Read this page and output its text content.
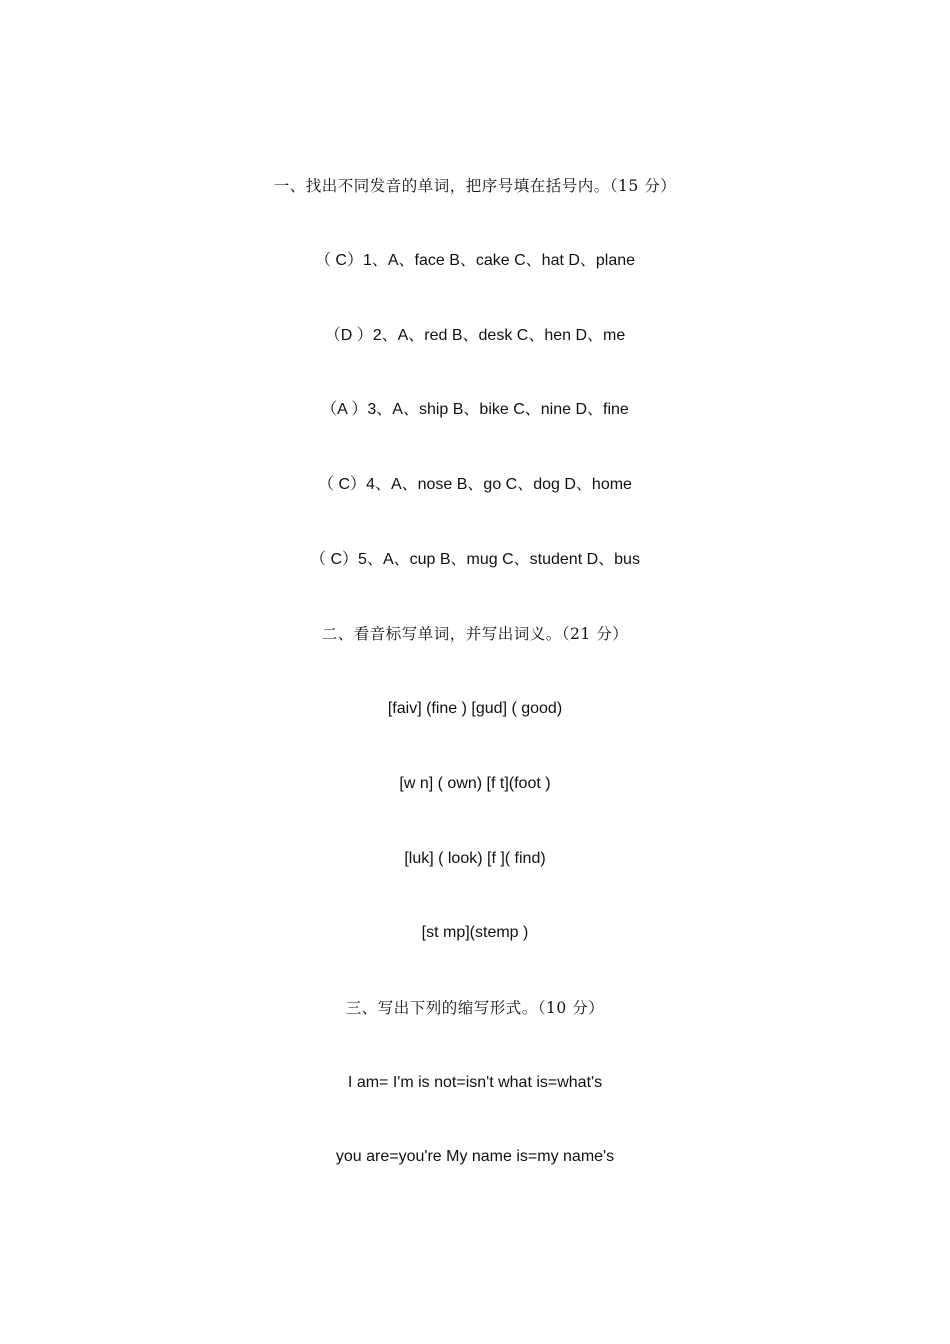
一、找出不同发音的单词，把序号填在括号内。（15 分）
（ C）1、A、face B、cake C、hat D、plane
（D ）2、A、red B、desk C、hen D、me
（A ）3、A、ship B、bike C、nine D、fine
（ C）4、A、nose B、go C、dog D、home
（ C）5、A、cup B、mug C、student D、bus
二、看音标写单词，并写出词义。（21 分）
[faiv] (fine ) [gud] ( good)
[w n] ( own) [f t](foot )
[luk] ( look) [f ]( find)
[st mp](stemp )
三、写出下列的缩写形式。（10 分）
I am= I'm is not=isn't what is=what's
you are=you're My name is=my name's
